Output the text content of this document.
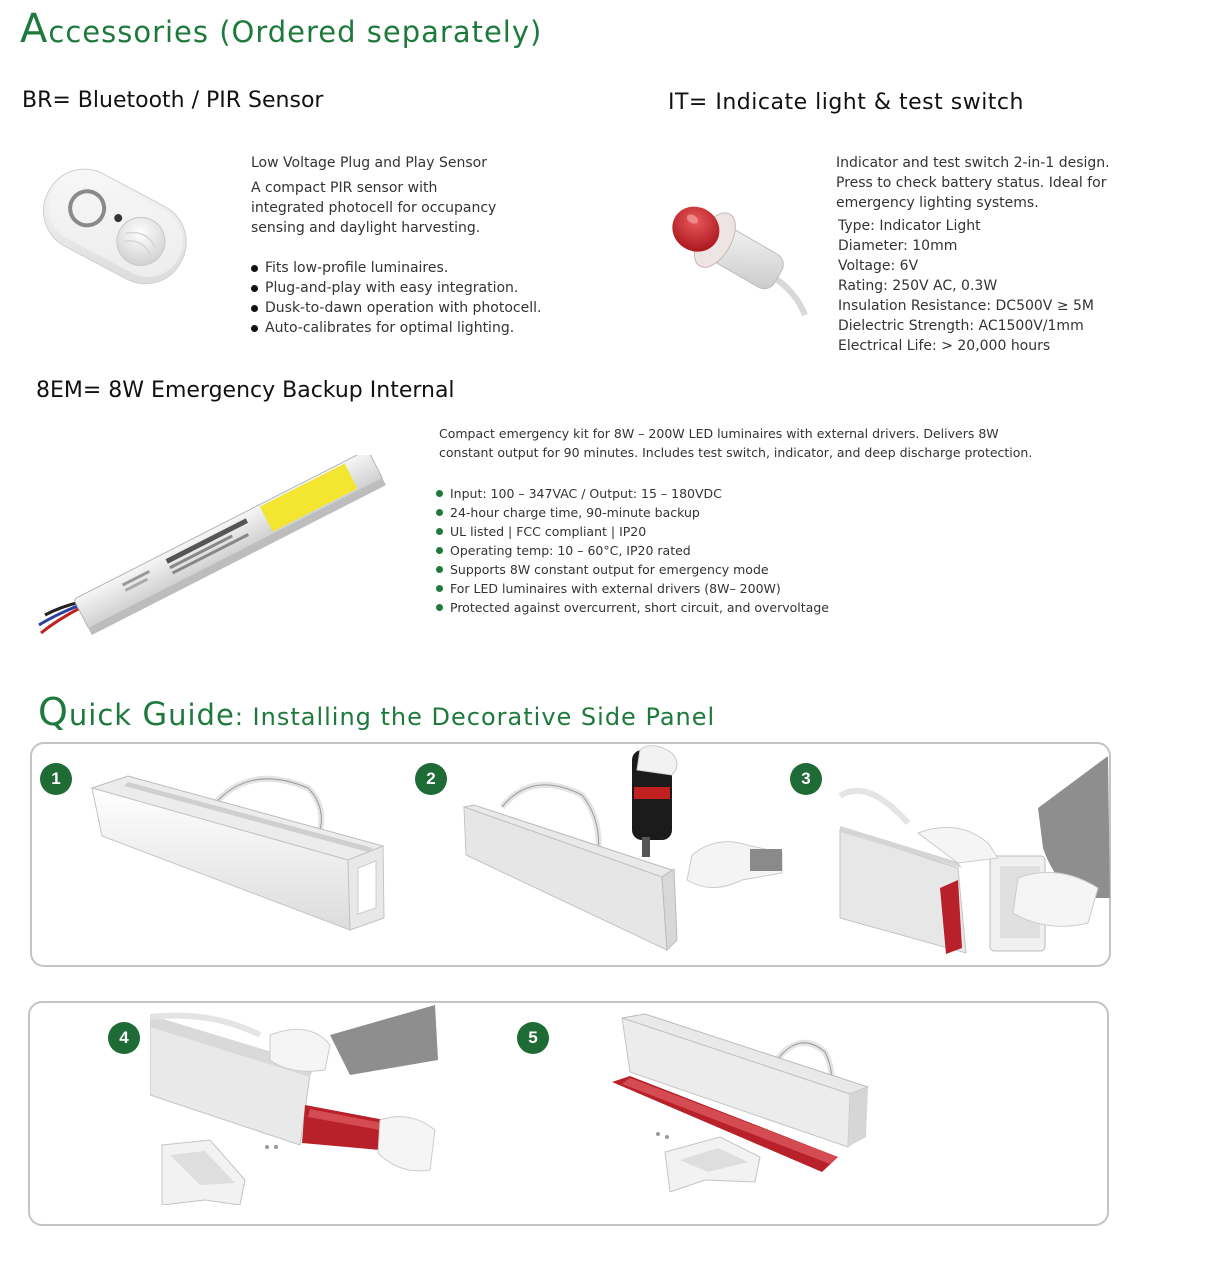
Accessories (Ordered separately)
BR= Bluetooth / PIR Sensor
Low Voltage Plug and Play Sensor
A compact PIR sensor with integrated photocell for occupancy sensing and daylight harvesting.
Fits low-profile luminaires.
Plug-and-play with easy integration.
Dusk-to-dawn operation with photocell.
Auto-calibrates for optimal lighting.
IT= Indicate light & test switch
Indicator and test switch 2-in-1 design. Press to check battery status. Ideal for emergency lighting systems.
Type: Indicator Light
Diameter: 10mm
Voltage: 6V
Rating: 250V AC, 0.3W
Insulation Resistance: DC500V ≥ 5M
Dielectric Strength: AC1500V/1mm
Electrical Life: > 20,000 hours
8EM= 8W Emergency Backup Internal
Compact emergency kit for 8W – 200W LED luminaires with external drivers. Delivers 8W constant output for 90 minutes. Includes test switch, indicator, and deep discharge protection.
Input: 100 – 347VAC / Output: 15 – 180VDC
24-hour charge time, 90-minute backup
UL listed | FCC compliant | IP20
Operating temp: 10 – 60°C, IP20 rated
Supports 8W constant output for emergency mode
For LED luminaires with external drivers (8W– 200W)
Protected against overcurrent, short circuit, and overvoltage
Quick Guide: Installing the Decorative Side Panel
1	2	3
4	5
